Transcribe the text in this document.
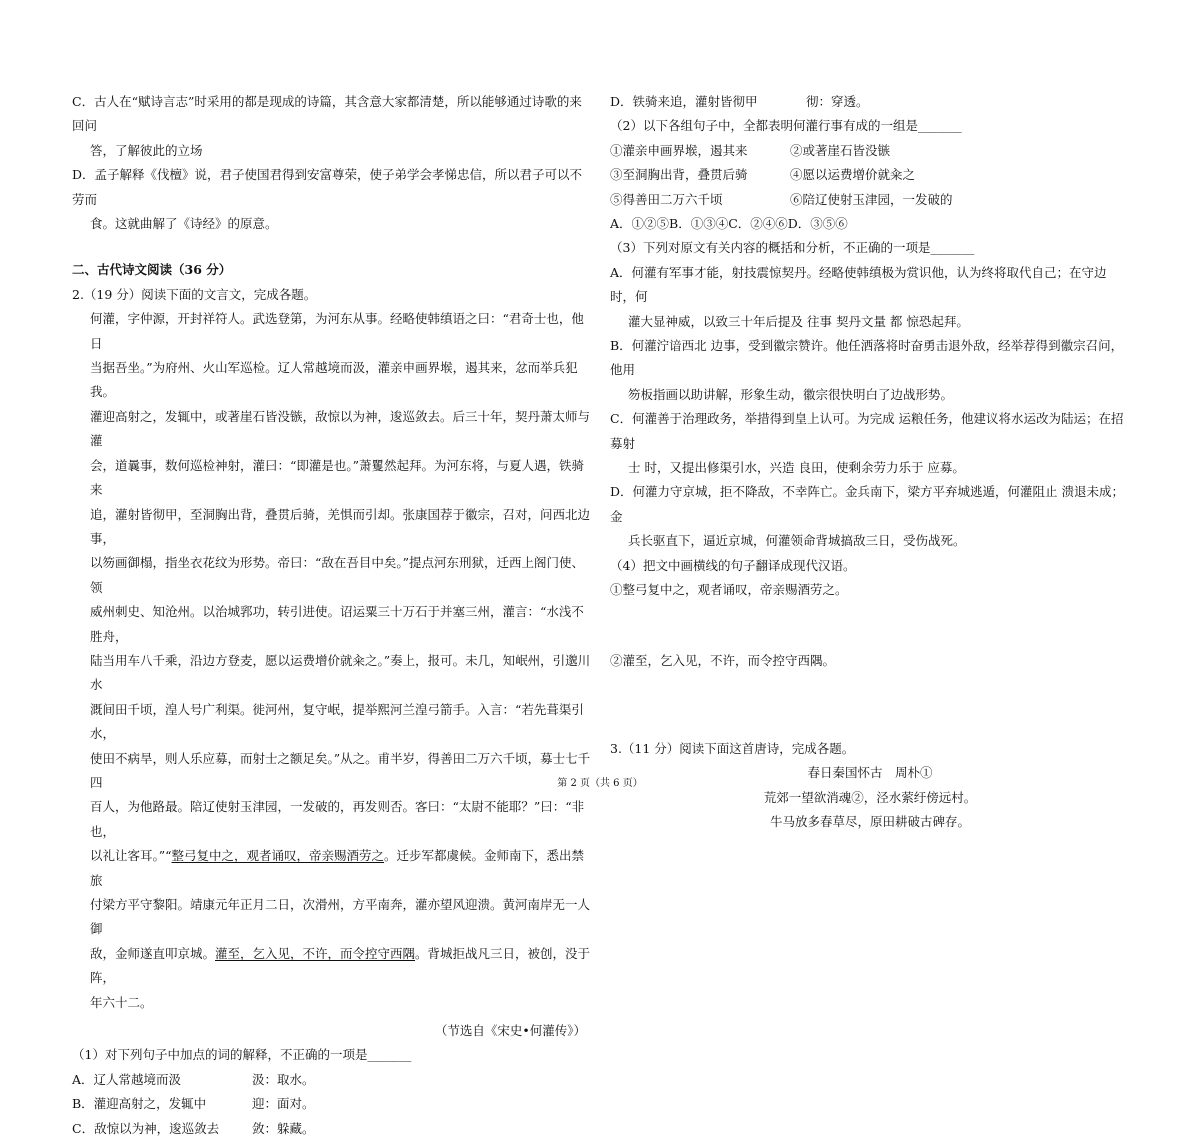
C．古人在“赋诗言志”时采用的都是现成的诗篇，其含意大家都清楚，所以能够通过诗歌的来回问

答，了解彼此的立场

D．孟子解释《伐檀》说，君子使国君得到安富尊荣，使子弟学会孝悌忠信，所以君子可以不劳而

食。这就曲解了《诗经》的原意。

二、古代诗文阅读（36 分）

2.（19 分）阅读下面的文言文，完成各题。

何灌，字仲源，开封祥符人。武选登第，为河东从事。经略使韩缜语之曰：“君奇士也，他日

当据吾坐。”为府州、火山军巡检。辽人常越境而汲，灌亲申画界堠，遏其来，忿而举兵犯我。

灌迎高射之，发辄中，或著崖石皆没镞，敌惊以为神，逡巡敛去。后三十年，契丹萧太师与灌

会，道曩事，数何巡检神射，灌曰：“即灌是也。”萧矍然起拜。为河东将，与夏人遇，铁骑来

追，灌射皆彻甲，至洞胸出背，叠贯后骑，羌惧而引却。张康国荐于徽宗，召对，问西北边事，

以笏画御榻，指坐衣花纹为形势。帝曰：“敌在吾目中矣。”提点河东刑狱，迁西上阁门使、领

威州刺史、知沧州。以治城郛功，转引进使。诏运粟三十万石于并塞三州，灌言：“水浅不胜舟，

陆当用车八千乘，沿边方登麦，愿以运费增价就籴之。”奏上，报可。未几，知岷州，引邈川水

溉间田千顷，湟人号广利渠。徙河州，复守岷，提举熙河兰湟弓箭手。入言：“若先葺渠引水，

使田不病旱，则人乐应募，而射士之额足矣。”从之。甫半岁，得善田二万六千顷，募士七千四

百人，为他路最。陪辽使射玉津园，一发破的，再发则否。客曰：“太尉不能耶？”曰：“非也，

以礼让客耳。”“整弓复中之，观者诵叹，帝亲赐酒劳之。迁步军都虞候。金师南下，悉出禁旅

付梁方平守黎阳。靖康元年正月二日，次滑州，方平南奔，灌亦望风迎溃。黄河南岸无一人御

敌，金师遂直叩京城。灌至，乞入见，不许，而令控守西隅。背城拒战凡三日，被创，没于阵，

年六十二。

（节选自《宋史•何灌传》）

（1）对下列句子中加点的词的解释，不正确的一项是_______

A．辽人常越境而汲	汲：取水。
B．灌迎高射之，发辄中	迎：面对。
C．敌惊以为神，逡巡敛去	敛：躲藏。
D．铁骑来追，灌射皆彻甲	彻：穿透。

（2）以下各组句子中，全都表明何灌行事有成的一组是_______

①灌亲申画界堠，遏其来	②或著崖石皆没镞
③至洞胸出背，叠贯后骑	④愿以运费增价就籴之
⑤得善田二万六千顷	⑥陪辽使射玉津园，一发破的

A．①②⑤B．①③④C．②④⑥D．③⑤⑥

（3）下列对原文有关内容的概括和分析，不正确的一项是_______

A．何灌有军事才能，射技震惊契丹。经略使韩缜极为赏识他，认为终将取代自己；在守边时，何

灌大显神威，以致三十年后提及 往事 契丹文量 都 惊恐起拜。

B．何灌泞谙西北 边事，受到徽宗赞许。他任洒落将时奋勇击退外敌，经举荐得到徽宗召问，他用

笏板指画以助讲解，形象生动，徽宗很快明白了边战形势。

C．何灌善于治理政务，举措得到皇上认可。为完成 运粮任务，他建议将水运改为陆运；在招募射

士 时，又提出修渠引水，兴造 良田，使剩余劳力乐于 应募。

D．何灌力守京城，拒不降敌，不幸阵亡。金兵南下，梁方平弃城逃遁，何灌阻止 溃退未成；金

兵长驱直下，逼近京城，何灌领命背城搞敌三日，受伤战死。

（4）把文中画横线的句子翻译成现代汉语。

①整弓复中之，观者诵叹，帝亲赐酒劳之。

②灌至，乞入见，不许，而令控守西隅。

3.（11 分）阅读下面这首唐诗，完成各题。

春日秦国怀古　周朴①

荒郊一望欲消魂②，泾水萦纡傍远村。

牛马放多春草尽，原田耕破古碑存。

第 2 页（共 6 页）
